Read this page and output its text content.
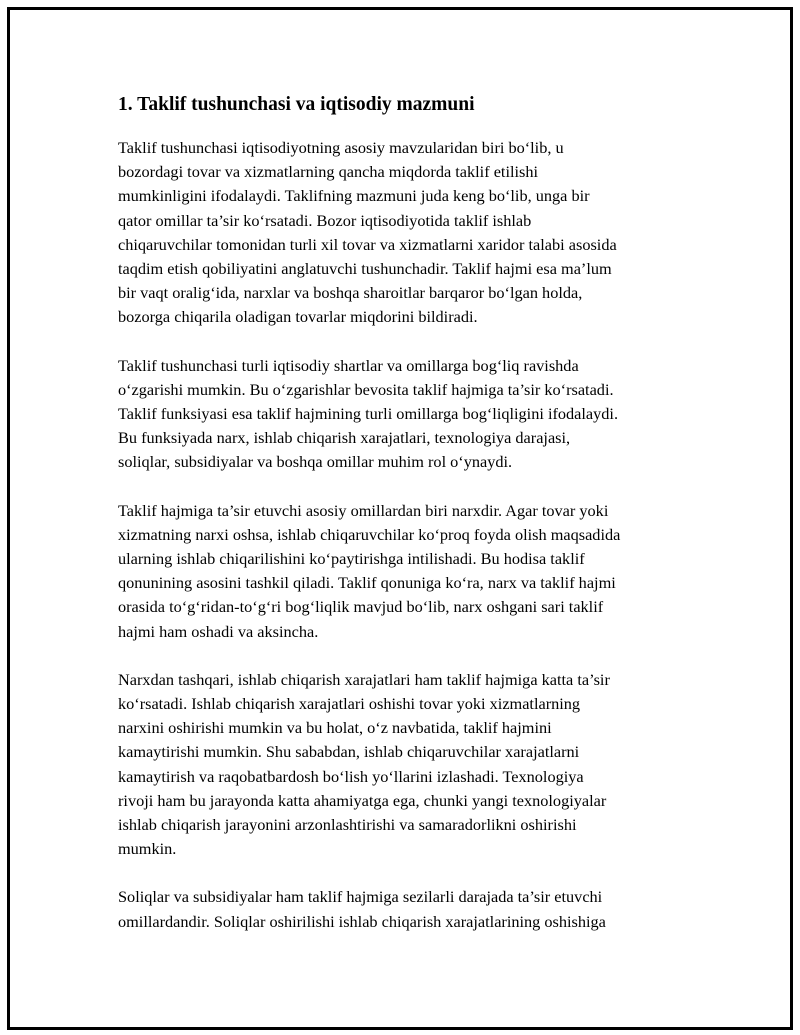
1. Taklif tushunchasi va iqtisodiy mazmuni
Taklif tushunchasi iqtisodiyotning asosiy mavzularidan biri bo‘lib, u
bozordagi tovar va xizmatlarning qancha miqdorda taklif etilishi
mumkinligini ifodalaydi. Taklifning mazmuni juda keng bo‘lib, unga bir
qator omillar ta’sir ko‘rsatadi. Bozor iqtisodiyotida taklif ishlab
chiqaruvchilar tomonidan turli xil tovar va xizmatlarni xaridor talabi asosida
taqdim etish qobiliyatini anglatuvchi tushunchadir. Taklif hajmi esa ma’lum
bir vaqt oralig‘ida, narxlar va boshqa sharoitlar barqaror bo‘lgan holda,
bozorga chiqarila oladigan tovarlar miqdorini bildiradi.
Taklif tushunchasi turli iqtisodiy shartlar va omillarga bog‘liq ravishda
o‘zgarishi mumkin. Bu o‘zgarishlar bevosita taklif hajmiga ta’sir ko‘rsatadi.
Taklif funksiyasi esa taklif hajmining turli omillarga bog‘liqligini ifodalaydi.
Bu funksiyada narx, ishlab chiqarish xarajatlari, texnologiya darajasi,
soliqlar, subsidiyalar va boshqa omillar muhim rol o‘ynaydi.
Taklif hajmiga ta’sir etuvchi asosiy omillardan biri narxdir. Agar tovar yoki
xizmatning narxi oshsa, ishlab chiqaruvchilar ko‘proq foyda olish maqsadida
ularning ishlab chiqarilishini ko‘paytirishga intilishadi. Bu hodisa taklif
qonunining asosini tashkil qiladi. Taklif qonuniga ko‘ra, narx va taklif hajmi
orasida to‘g‘ridan-to‘g‘ri bog‘liqlik mavjud bo‘lib, narx oshgani sari taklif
hajmi ham oshadi va aksincha.
Narxdan tashqari, ishlab chiqarish xarajatlari ham taklif hajmiga katta ta’sir
ko‘rsatadi. Ishlab chiqarish xarajatlari oshishi tovar yoki xizmatlarning
narxini oshirishi mumkin va bu holat, o‘z navbatida, taklif hajmini
kamaytirishi mumkin. Shu sababdan, ishlab chiqaruvchilar xarajatlarni
kamaytirish va raqobatbardosh bo‘lish yo‘llarini izlashadi. Texnologiya
rivoji ham bu jarayonda katta ahamiyatga ega, chunki yangi texnologiyalar
ishlab chiqarish jarayonini arzonlashtirishi va samaradorlikni oshirishi
mumkin.
Soliqlar va subsidiyalar ham taklif hajmiga sezilarli darajada ta’sir etuvchi
omillardandir. Soliqlar oshirilishi ishlab chiqarish xarajatlarining oshishiga
